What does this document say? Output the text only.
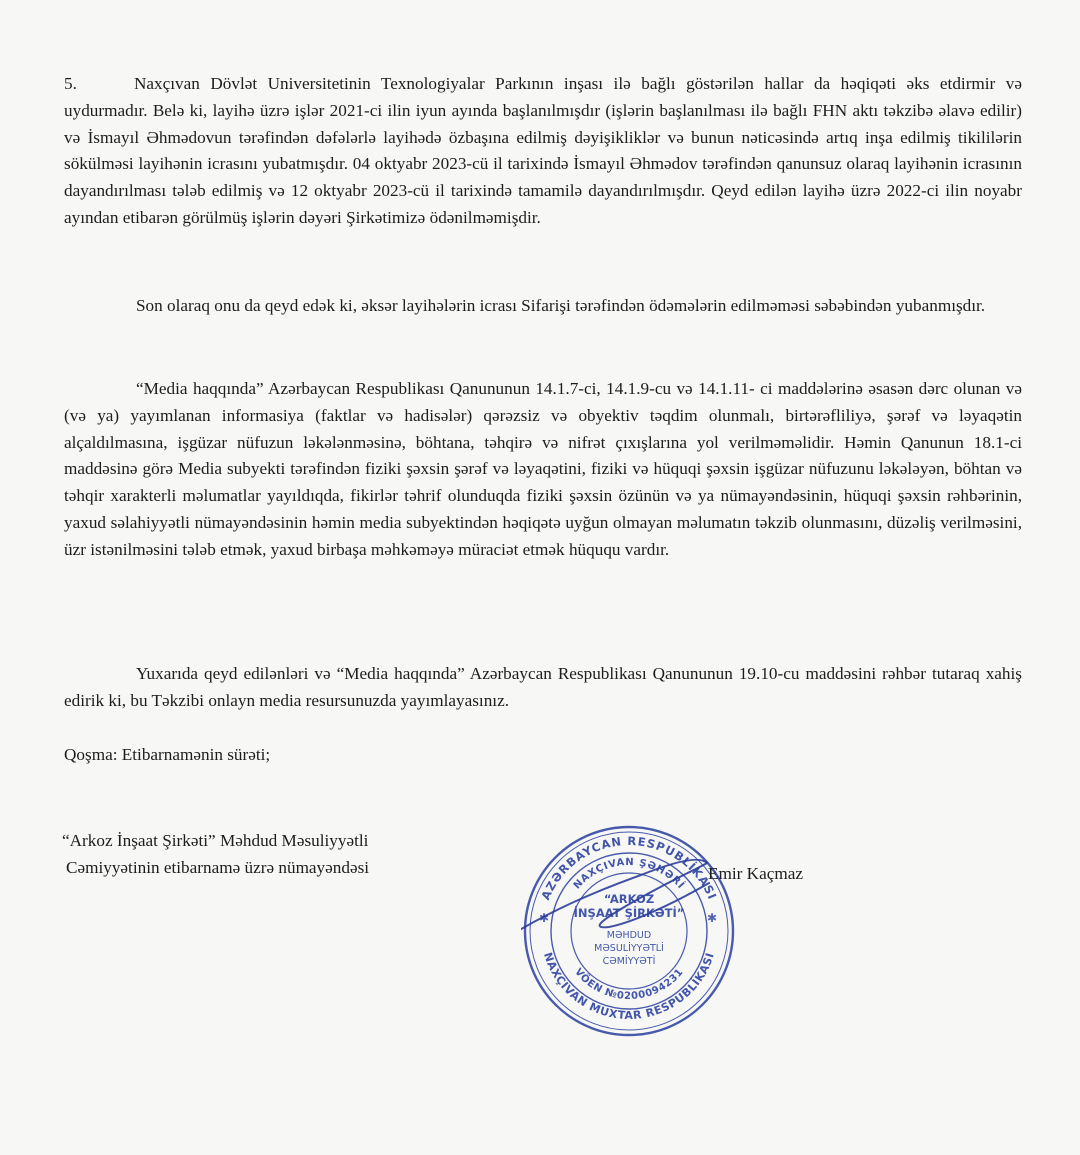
5.	Naxçıvan Dövlət Universitetinin Texnologiyalar Parkının inşası ilə bağlı göstərilən hallar da həqiqəti əks etdirmir və uydurmadır. Belə ki, layihə üzrə işlər 2021-ci ilin iyun ayında başlanılmışdır (işlərin başlanılması ilə bağlı FHN aktı təkzibə əlavə edilir) və İsmayıl Əhmədovun tərəfindən dəfələrlə layihədə özbaşına edilmiş dəyişikliklər və bunun nəticəsində artıq inşa edilmiş tikililərin sökülməsi layihənin icrasını yubatmışdır. 04 oktyabr 2023-cü il tarixində İsmayıl Əhmədov tərəfindən qanunsuz olaraq layihənin icrasının dayandırılması tələb edilmiş və 12 oktyabr 2023-cü il tarixində tamamilə dayandırılmışdır. Qeyd edilən layihə üzrə 2022-ci ilin noyabr ayından etibarən görülmüş işlərin dəyəri Şirkətimizə ödənilməmişdir.

Son olaraq onu da qeyd edək ki, əksər layihələrin icrası Sifarişi tərəfindən ödəmələrin edilməməsi səbəbindən yubanmışdır.

“Media haqqında” Azərbaycan Respublikası Qanununun 14.1.7-ci, 14.1.9-cu və 14.1.11- ci maddələrinə əsasən dərc olunan və (və ya) yayımlanan informasiya (faktlar və hadisələr) qərəzsiz və obyektiv təqdim olunmalı, birtərəfliliyə, şərəf və ləyaqətin alçaldılmasına, işgüzar nüfuzun ləkələnməsinə, böhtana, təhqirə və nifrət çıxışlarına yol verilməməlidir. Həmin Qanunun 18.1-ci maddəsinə görə Media subyekti tərəfindən fiziki şəxsin şərəf və ləyaqətini, fiziki və hüquqi şəxsin işgüzar nüfuzunu ləkələyən, böhtan və təhqir xarakterli məlumatlar yayıldıqda, fikirlər təhrif olunduqda fiziki şəxsin özünün və ya nümayəndəsinin, hüquqi şəxsin rəhbərinin, yaxud səlahiyyətli nümayəndəsinin həmin media subyektindən həqiqətə uyğun olmayan məlumatın təkzib olunmasını, düzəliş verilməsini, üzr istənilməsini tələb etmək, yaxud birbaşa məhkəməyə müraciət etmək hüququ vardır.

Yuxarıda qeyd edilənləri və “Media haqqında” Azərbaycan Respublikası Qanununun 19.10-cu maddəsini rəhbər tutaraq xahiş edirik ki, bu Təkzibi onlayn media resursunuzda yayımlayasınız.

Qoşma: Etibarnamənin sürəti;

“Arkoz İnşaat Şirkəti” Məhdud Məsuliyyətli
Cəmiyyətinin etibarnamə üzrə nümayəndəsi
AZƏRBAYCAN RESPUBLİKASI
NAXÇIVAN MUXTAR RESPUBLİKASI
NAXÇIVAN ŞƏHƏRİ
VÖEN №0200094231
“ARKOZ
İNŞAAT ŞİRKƏTİ”
MƏHDUD
MƏSULİYYƏTLİ
CƏMİYYƏTİ
✱	✱
Emir Kaçmaz
